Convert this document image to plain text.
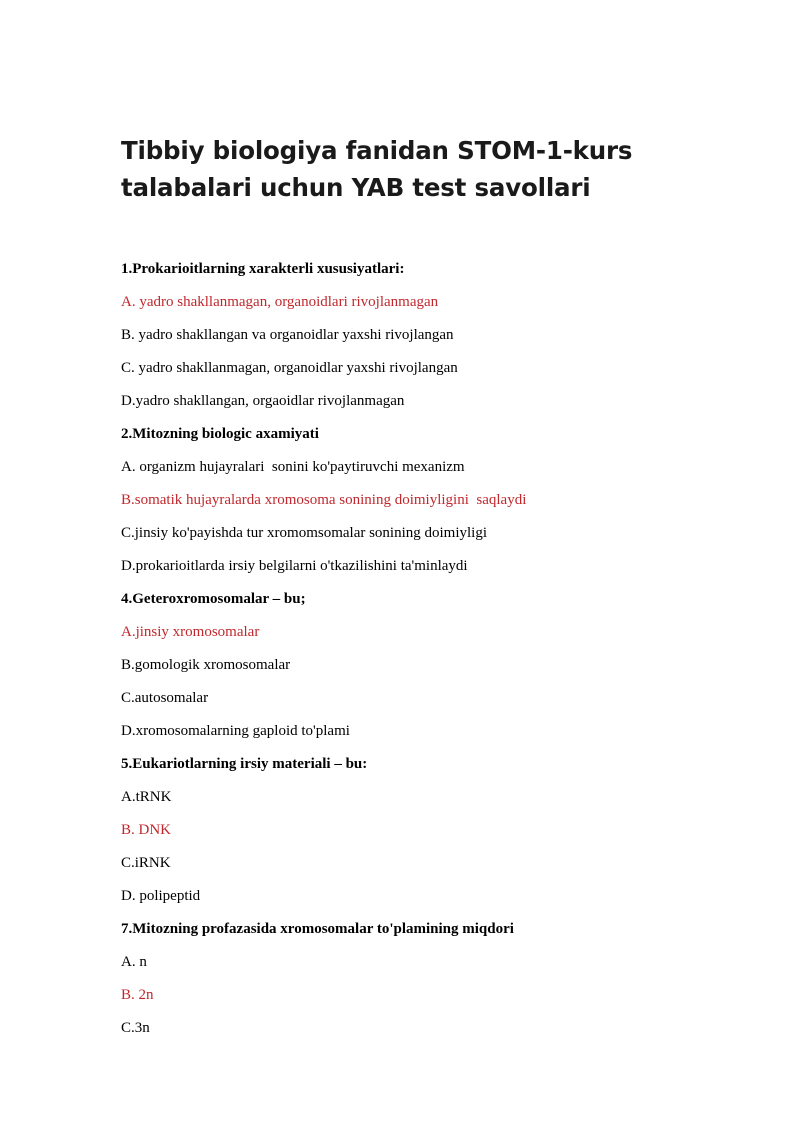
Tibbiy biologiya fanidan STOM-1-kurs
talabalari uchun YAB test savollari
1.Prokarioitlarning xarakterli xususiyatlari:
A. yadro shakllanmagan, organoidlari rivojlanmagan
B. yadro shakllangan va organoidlar yaxshi rivojlangan
C. yadro shakllanmagan, organoidlar yaxshi rivojlangan
D.yadro shakllangan, orgaoidlar rivojlanmagan
2.Mitozning biologic axamiyati
A. organizm hujayralari  sonini ko'paytiruvchi mexanizm
B.somatik hujayralarda xromosoma sonining doimiyligini  saqlaydi
C.jinsiy ko'payishda tur xromomsomalar sonining doimiyligi
D.prokarioitlarda irsiy belgilarni o'tkazilishini ta'minlaydi
4.Geteroxromosomalar – bu;
A.jinsiy xromosomalar
B.gomologik xromosomalar
C.autosomalar
D.xromosomalarning gaploid to'plami
5.Eukariotlarning irsiy materiali – bu:
A.tRNK
B. DNK
C.iRNK
D. polipeptid
7.Mitozning profazasida xromosomalar to'plamining miqdori
A. n
B. 2n
C.3n
